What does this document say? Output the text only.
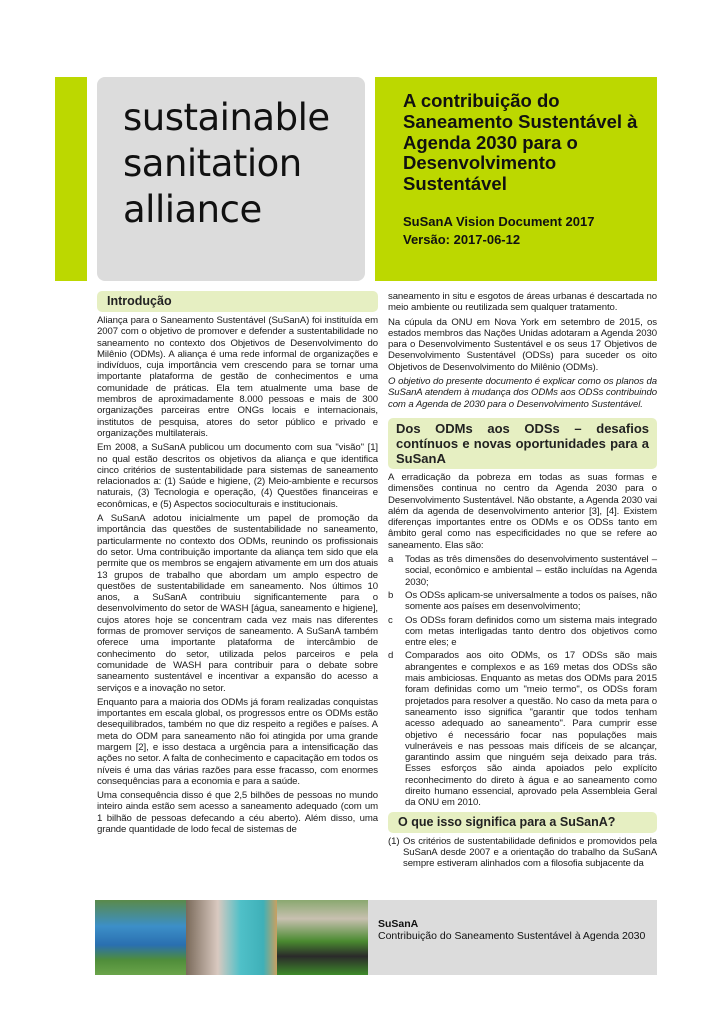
sustainable
sanitation
alliance
A contribuição do Saneamento Sustentável à Agenda 2030 para o Desenvolvimento Sustentável
SuSanA Vision Document 2017
Versão: 2017-06-12
Introdução

Aliança para o Saneamento Sustentável (SuSanA) foi instituída em 2007 com o objetivo de promover e defender a sustentabilidade no saneamento no contexto dos Objetivos de Desenvolvimento do Milênio (ODMs). A aliança é uma rede informal de organizações e indivíduos, cuja importância vem crescendo para se tornar uma importante plataforma de gestão de conhecimentos e uma comunidade de práticas. Ela tem atualmente uma base de membros de aproximadamente 8.000 pessoas e mais de 300 organizações parceiras entre ONGs locais e internacionais, institutos de pesquisa, atores do setor público e privado e organizações multilaterais.

Em 2008, a SuSanA publicou um documento com sua "visão" [1] no qual estão descritos os objetivos da aliança e que identifica cinco critérios de sustentabilidade para sistemas de saneamento relacionados a: (1) Saúde e higiene, (2) Meio-ambiente e recursos naturais, (3) Tecnologia e operação, (4) Questões financeiras e econômicas, e (5) Aspectos socioculturais e institucionais.

A SuSanA adotou inicialmente um papel de promoção da importância das questões de sustentabilidade no saneamento, particularmente no contexto dos ODMs, reunindo os profissionais do setor. Uma contribuição importante da aliança tem sido que ela permite que os membros se engajem ativamente em um dos atuais 13 grupos de trabalho que abordam um amplo espectro de questões de sustentabilidade em saneamento. Nos últimos 10 anos, a SuSanA contribuiu significantemente para o desenvolvimento do setor de WASH [água, saneamento e higiene], cujos atores hoje se concentram cada vez mais nas diferentes formas de promover serviços de saneamento. A SuSanA também oferece uma importante plataforma de intercâmbio de conhecimento do setor, utilizada pelos parceiros e pela comunidade de WASH para contribuir para o debate sobre saneamento sustentável e incentivar a expansão do acesso a serviços e a inovação no setor.

Enquanto para a maioria dos ODMs já foram realizadas conquistas importantes em escala global, os progressos entre os ODMs estão desequilibrados, também no que diz respeito a regiões e países. A meta do ODM para saneamento não foi atingida por uma grande margem [2], e isso destaca a urgência para a intensificação das ações no setor. A falta de conhecimento e capacitação em todos os níveis é uma das várias razões para esse fracasso, com enormes consequências para a economia e para a saúde.

Uma consequência disso é que 2,5 bilhões de pessoas no mundo inteiro ainda estão sem acesso a saneamento adequado (com um 1 bilhão de pessoas defecando a céu aberto). Além disso, uma grande quantidade de lodo fecal de sistemas de

saneamento in situ e esgotos de áreas urbanas é descartada no meio ambiente ou reutilizada sem qualquer tratamento.

Na cúpula da ONU em Nova York em setembro de 2015, os estados membros das Nações Unidas adotaram a Agenda 2030 para o Desenvolvimento Sustentável e os seus 17 Objetivos de Desenvolvimento Sustentável (ODSs) para suceder os oito Objetivos de Desenvolvimento do Milênio (ODMs).

O objetivo do presente documento é explicar como os planos da SuSanA atendem à mudança dos ODMs aos ODSs contribuindo com a Agenda de 2030 para o Desenvolvimento Sustentável.

Dos ODMs aos ODSs – desafios contínuos e novas oportunidades para a SuSanA

A erradicação da pobreza em todas as suas formas e dimensões continua no centro da Agenda 2030 para o Desenvolvimento Sustentável. Não obstante, a Agenda 2030 vai além da agenda de desenvolvimento anterior [3], [4]. Existem diferenças importantes entre os ODMs e os ODSs tanto em âmbito geral como nas especificidades no que se refere ao saneamento. Elas são:

a	Todas as três dimensões do desenvolvimento sustentável – social, econômico e ambiental – estão incluídas na Agenda 2030;
b	Os ODSs aplicam-se universalmente a todos os países, não somente aos países em desenvolvimento;
c	Os ODSs foram definidos como um sistema mais integrado com metas interligadas tanto dentro dos objetivos como entre eles; e
d	Comparados aos oito ODMs, os 17 ODSs são mais abrangentes e complexos e as 169 metas dos ODSs são mais ambiciosas. Enquanto as metas dos ODMs para 2015 foram definidas como um "meio termo", os ODSs foram projetados para resolver a questão. No caso da meta para o saneamento isso significa "garantir que todos tenham acesso adequado ao saneamento". Para cumprir esse objetivo é necessário focar nas populações mais vulneráveis e nas pessoas mais difíceis de se alcançar, garantindo assim que ninguém seja deixado para trás. Esses esforços são ainda apoiados pelo explícito reconhecimento do direto à água e ao saneamento como direito humano essencial, aprovado pela Assembleia Geral da ONU em 2010.
O que isso significa para a SuSanA?
(1) Os critérios de sustentabilidade definidos e promovidos pela SuSanA desde 2007 e a orientação do trabalho da SuSanA sempre estiveram alinhados com a filosofia subjacente da
SuSanA
Contribuição do Saneamento Sustentável à Agenda 2030
